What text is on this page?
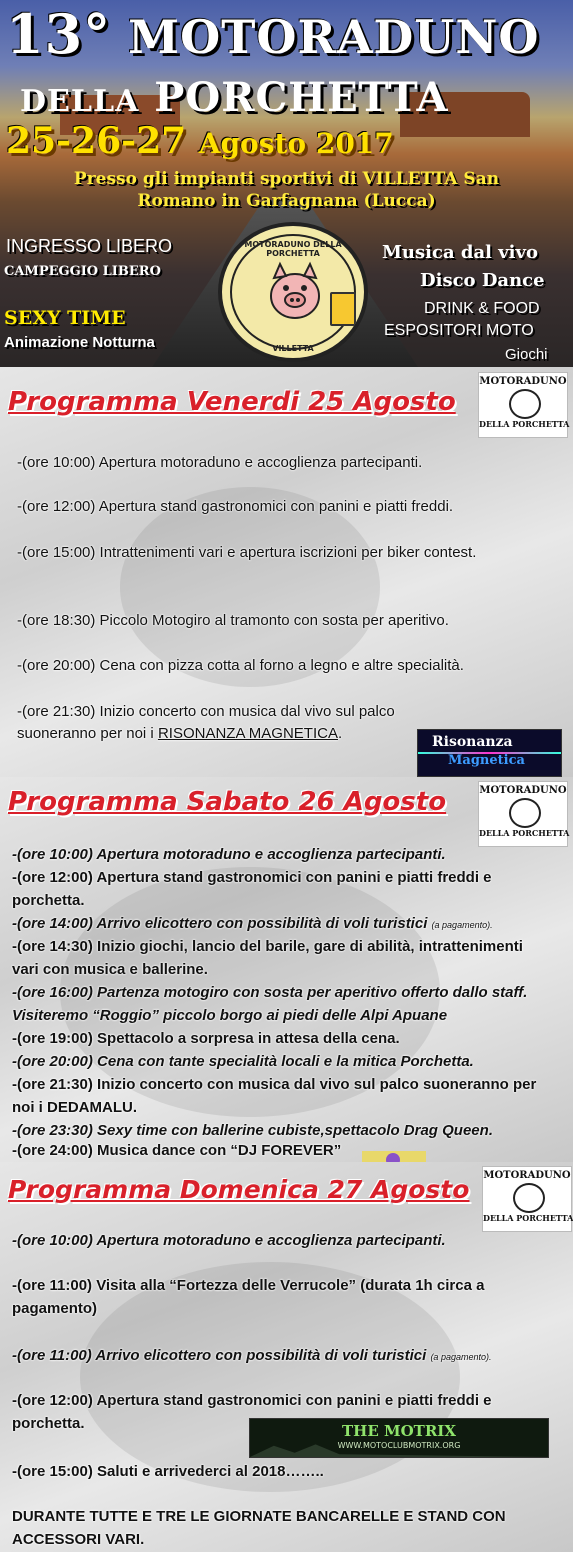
13° MOTORADUNO
DELLA PORCHETTA
25-26-27 Agosto 2017
Presso gli impianti sportivi di VILLETTA San
Romano in Garfagnana (Lucca)
INGRESSO LIBERO
CAMPEGGIO LIBERO
SEXY TIME
Animazione Notturna
Musica dal vivo
Disco Dance
DRINK & FOOD
ESPOSITORI MOTO
Giochi
MOTORADUNO DELLA PORCHETTA
VILLETTA
Programma Venerdi 25 Agosto
MOTORADUNO
DELLA PORCHETTA
-(ore 10:00) Apertura motoraduno e accoglienza partecipanti.
-(ore 12:00) Apertura stand gastronomici con panini e piatti freddi.
-(ore 15:00) Intrattenimenti vari e apertura iscrizioni per biker contest.
-(ore 18:30) Piccolo Motogiro al tramonto con sosta per aperitivo.
-(ore 20:00) Cena con pizza cotta al forno a legno e altre specialità.
-(ore 21:30) Inizio concerto con musica dal vivo sul palco suoneranno per noi i RISONANZA MAGNETICA.	Risonanza
Magnetica
Programma Sabato 26 Agosto	MOTORADUNO
DELLA PORCHETTA
-(ore 10:00) Apertura motoraduno e accoglienza partecipanti.
-(ore 12:00) Apertura stand gastronomici con panini e piatti freddi e porchetta.
-(ore 14:00) Arrivo elicottero con possibilità di voli turistici (a pagamento).
-(ore 14:30) Inizio giochi, lancio del barile, gare di abilità, intrattenimenti vari con musica e ballerine.
-(ore 16:00) Partenza motogiro con sosta per aperitivo offerto dallo staff. Visiteremo “Roggio” piccolo borgo ai piedi delle Alpi Apuane
-(ore 19:00) Spettacolo a sorpresa in attesa della cena.
-(ore 20:00) Cena con tante specialità locali e la mitica Porchetta.
-(ore 21:30) Inizio concerto con musica dal vivo sul palco suoneranno per noi i DEDAMALU.
-(ore 23:30) Sexy time con ballerine cubiste,spettacolo Drag Queen.
-(ore 24:00) Musica dance con “DJ FOREVER”
Programma Domenica 27 Agosto MOTORADUNO
DELLA PORCHETTA
-(ore 10:00) Apertura motoraduno e accoglienza partecipanti.
-(ore 11:00) Visita alla “Fortezza delle Verrucole” (durata 1h circa a pagamento)
-(ore 11:00) Arrivo elicottero con possibilità di voli turistici (a pagamento).
-(ore 12:00) Apertura stand gastronomici con panini e piatti freddi e porchetta.	THE MOTRIX
WWW.MOTOCLUBMOTRIX.ORG
-(ore 15:00) Saluti e arrivederci al 2018……..
DURANTE TUTTE E TRE LE GIORNATE BANCARELLE E STAND CON ACCESSORI VARI.
